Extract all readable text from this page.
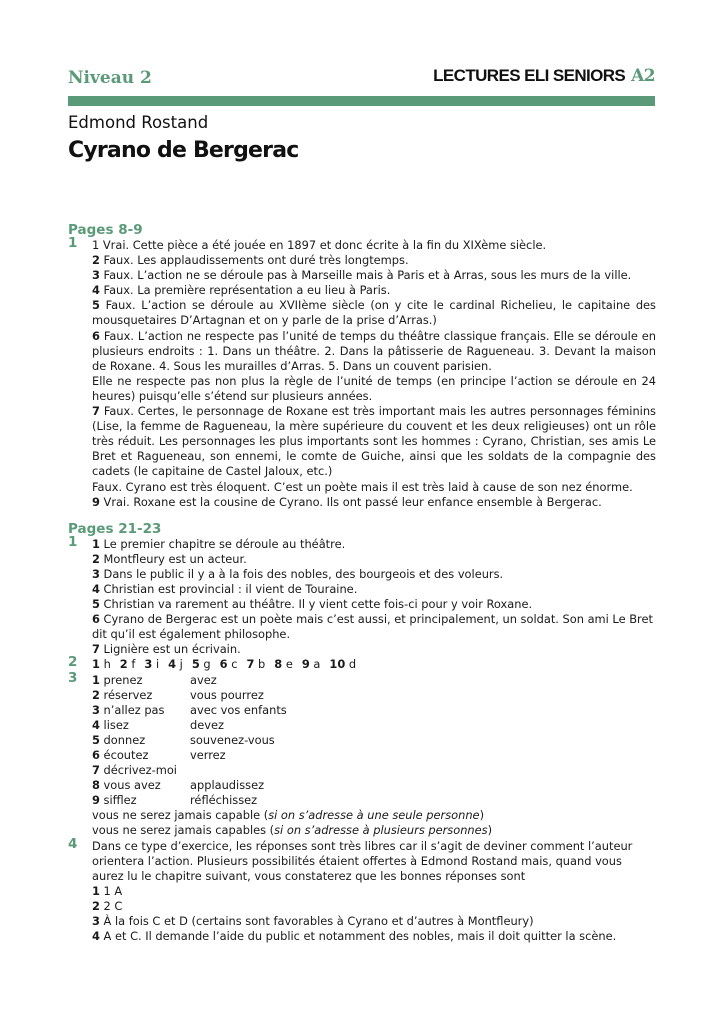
Niveau 2	LECTURES ELI SENIORS A2
Edmond Rostand
Cyrano de Bergerac
Pages 8-9
1 1 Vrai. Cette pièce a été jouée en 1897 et donc écrite à la fin du XIXème siècle.
2 Faux. Les applaudissements ont duré très longtemps.
3 Faux. L’action ne se déroule pas à Marseille mais à Paris et à Arras, sous les murs de la ville.
4 Faux. La première représentation a eu lieu à Paris.
5 Faux. L’action se déroule au XVIIème siècle (on y cite le cardinal Richelieu, le capitaine des mousquetaires D’Artagnan et on y parle de la prise d’Arras.)
6 Faux. L’action ne respecte pas l’unité de temps du théâtre classique français. Elle se déroule en plusieurs endroits : 1. Dans un théâtre. 2. Dans la pâtisserie de Ragueneau. 3. Devant la maison de Roxane. 4. Sous les murailles d’Arras. 5. Dans un couvent parisien.
Elle ne respecte pas non plus la règle de l’unité de temps (en principe l’action se déroule en 24 heures) puisqu’elle s’étend sur plusieurs années.
7 Faux. Certes, le personnage de Roxane est très important mais les autres personnages féminins (Lise, la femme de Ragueneau, la mère supérieure du couvent et les deux religieuses) ont un rôle très réduit. Les personnages les plus importants sont les hommes : Cyrano, Christian, ses amis Le Bret et Ragueneau, son ennemi, le comte de Guiche, ainsi que les soldats de la compagnie des cadets (le capitaine de Castel Jaloux, etc.)
Faux. Cyrano est très éloquent. C’est un poète mais il est très laid à cause de son nez énorme.
9 Vrai. Roxane est la cousine de Cyrano. Ils ont passé leur enfance ensemble à Bergerac.
Pages 21-23
1 1 Le premier chapitre se déroule au théâtre.
2 Montfleury est un acteur.
3 Dans le public il y a à la fois des nobles, des bourgeois et des voleurs.
4 Christian est provincial : il vient de Touraine.
5 Christian va rarement au théâtre. Il y vient cette fois-ci pour y voir Roxane.
6 Cyrano de Bergerac est un poète mais c’est aussi, et principalement, un soldat. Son ami Le Bret dit qu’il est également philosophe.
7 Lignière est un écrivain.
2 1 h 2 f 3 i 4 j 5 g 6 c 7 b 8 e 9 a 10 d
3 1 prenez	avez
2 réservez	vous pourrez
3 n’allez pas	avec vos enfants
4 lisez	devez
5 donnez	souvenez-vous
6 écoutez	verrez
7 décrivez-moi
8 vous avez	applaudissez
9 sifflez	réfléchissez
vous ne serez jamais capable (si on s’adresse à une seule personne)
vous ne serez jamais capables (si on s’adresse à plusieurs personnes)
4 Dans ce type d’exercice, les réponses sont très libres car il s’agit de deviner comment l’auteur orientera l’action. Plusieurs possibilités étaient offertes à Edmond Rostand mais, quand vous aurez lu le chapitre suivant, vous constaterez que les bonnes réponses sont
1 1 A
2 2 C
3 À la fois C et D (certains sont favorables à Cyrano et d’autres à Montfleury)
4 A et C. Il demande l’aide du public et notamment des nobles, mais il doit quitter la scène.
